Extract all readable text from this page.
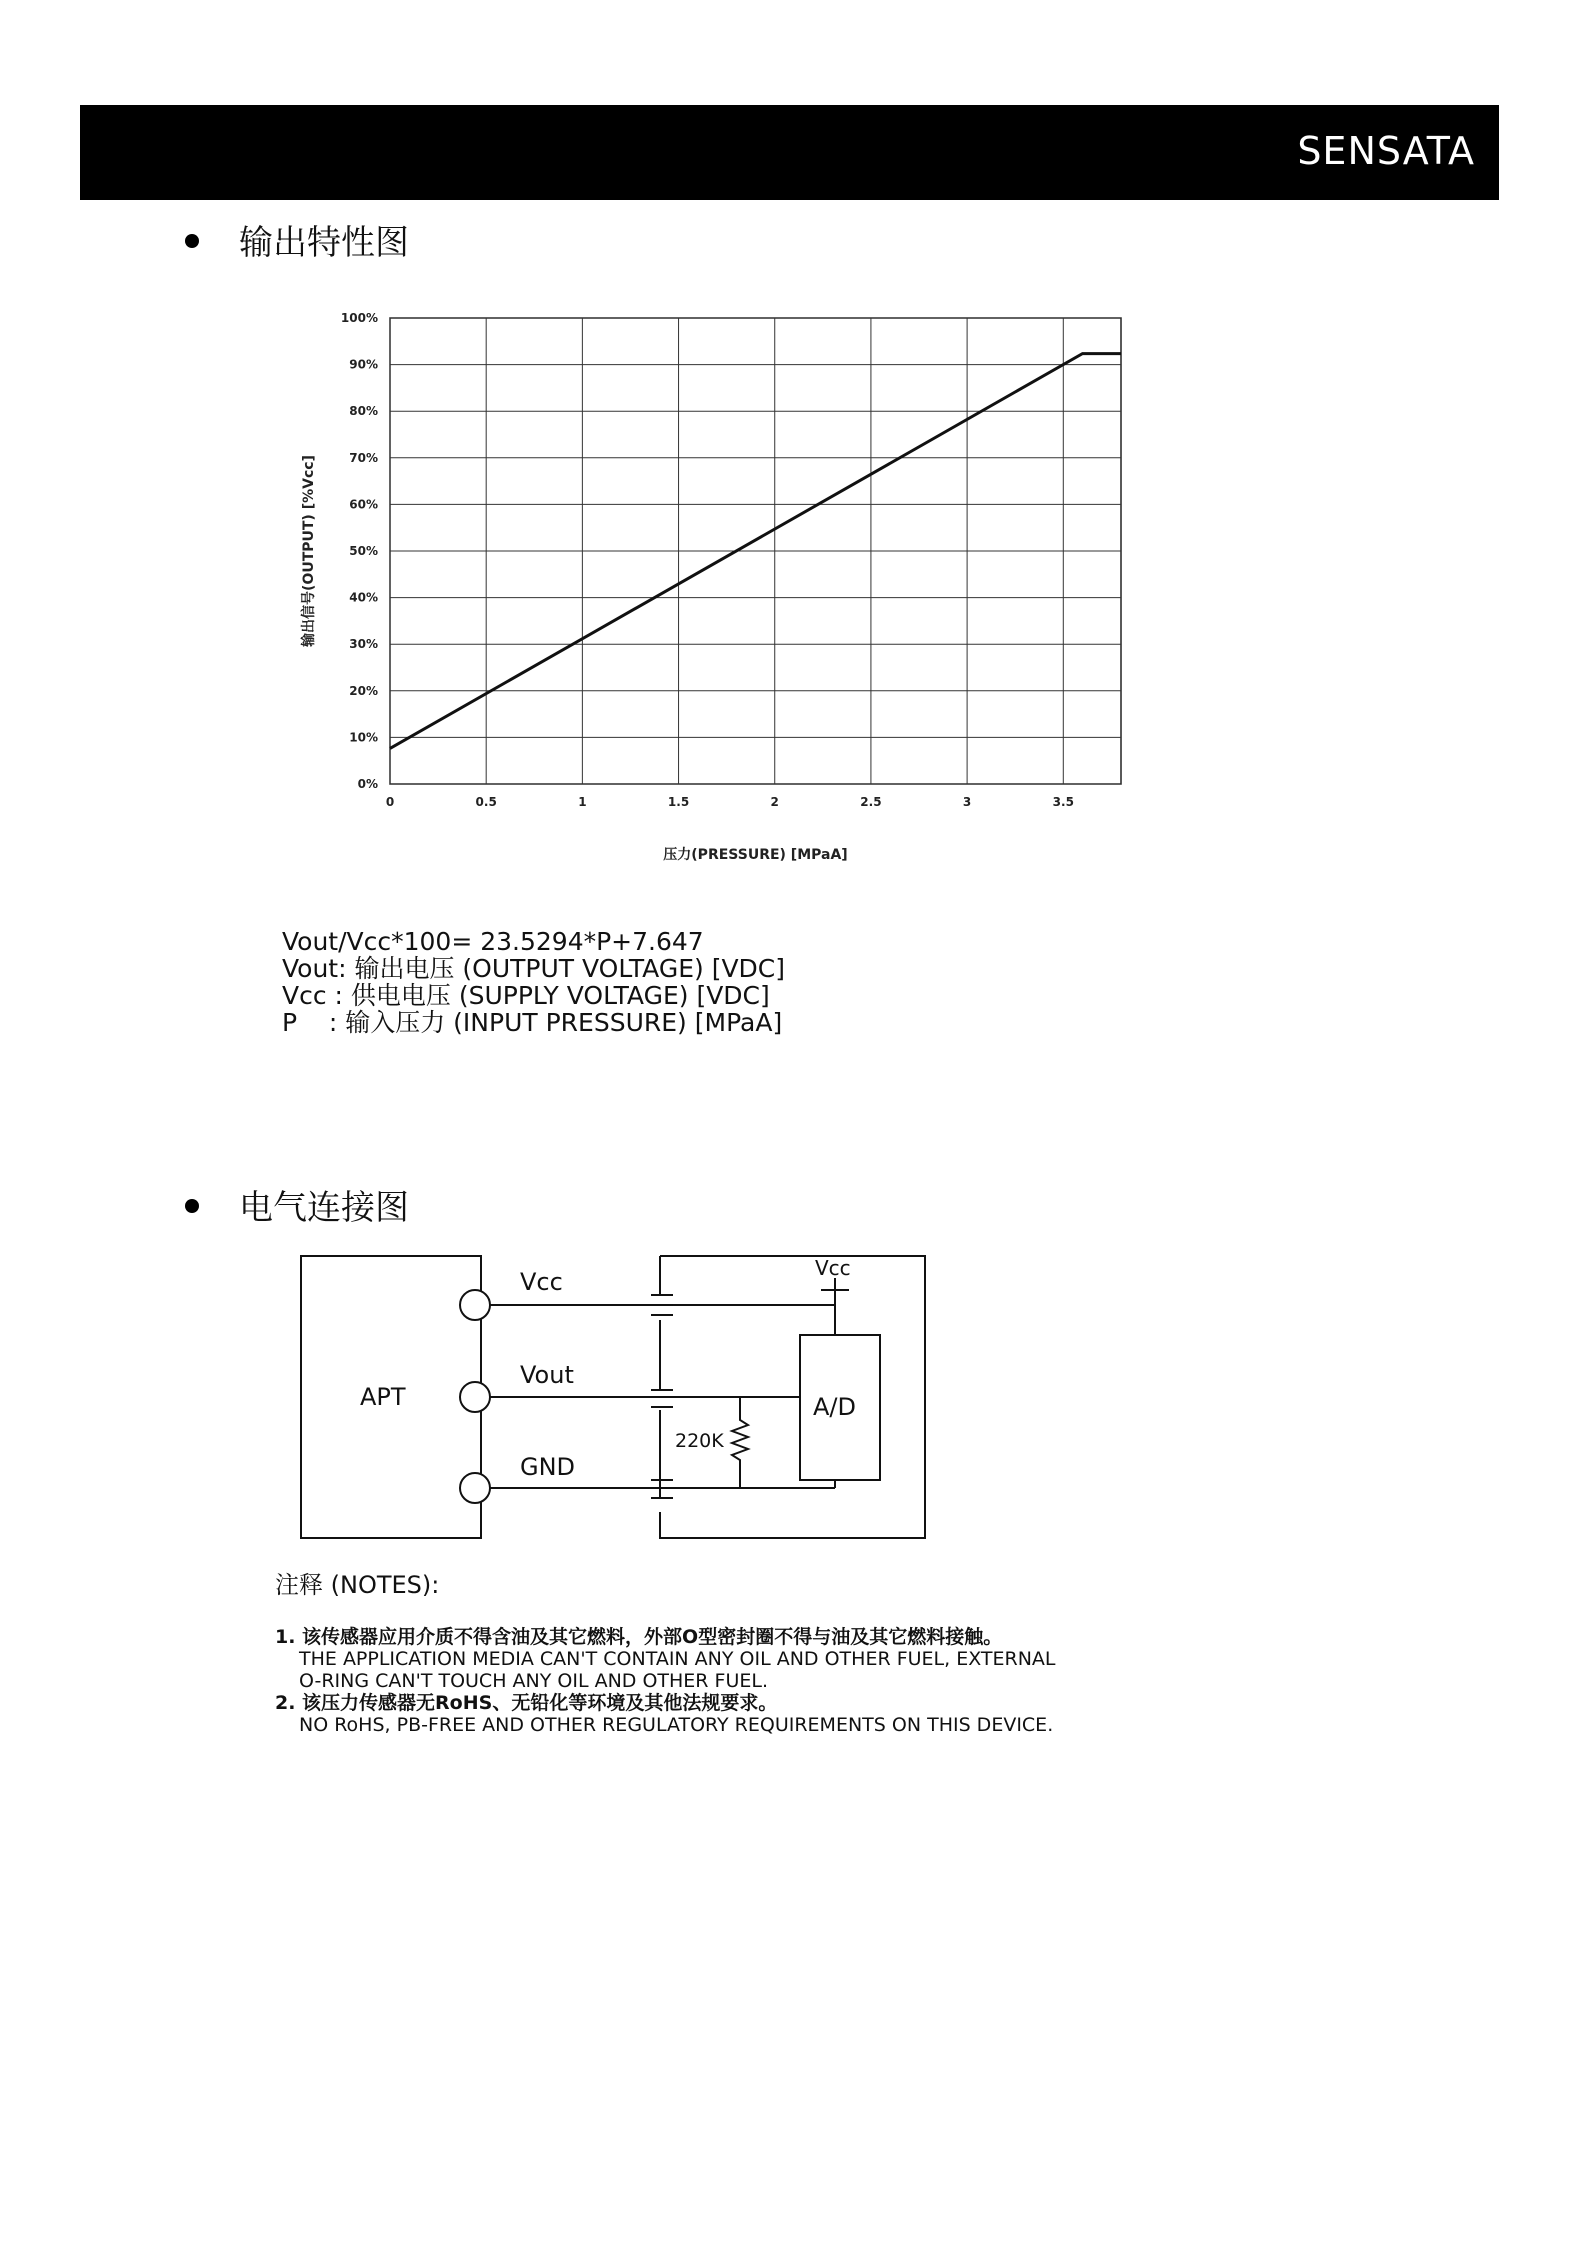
SENSATA
输出特性图
0%
10%
20%
30%
40%
50%
60%
70%
80%
90%
100%
0	0.5	1	1.5	2	2.5	3	3.5
压力(PRESSURE) [MPaA]
输出信号(OUTPUT) [%Vcc]
Vout/Vcc*100= 23.5294*P+7.647
Vout: 输出电压 (OUTPUT VOLTAGE) [VDC]
Vcc : 供电电压 (SUPPLY VOLTAGE) [VDC]
P    : 输入压力 (INPUT PRESSURE) [MPaA]
电气连接图
APT
Vcc
Vout
GND
Vcc
A/D
220K
注释 (NOTES):
1. 该传感器应用介质不得含油及其它燃料，外部O型密封圈不得与油及其它燃料接触。
THE APPLICATION MEDIA CAN'T CONTAIN ANY OIL AND OTHER FUEL, EXTERNAL
O-RING CAN'T TOUCH ANY OIL AND OTHER FUEL.
2. 该压力传感器无RoHS、无铅化等环境及其他法规要求。
NO RoHS, PB-FREE AND OTHER REGULATORY REQUIREMENTS ON THIS DEVICE.
